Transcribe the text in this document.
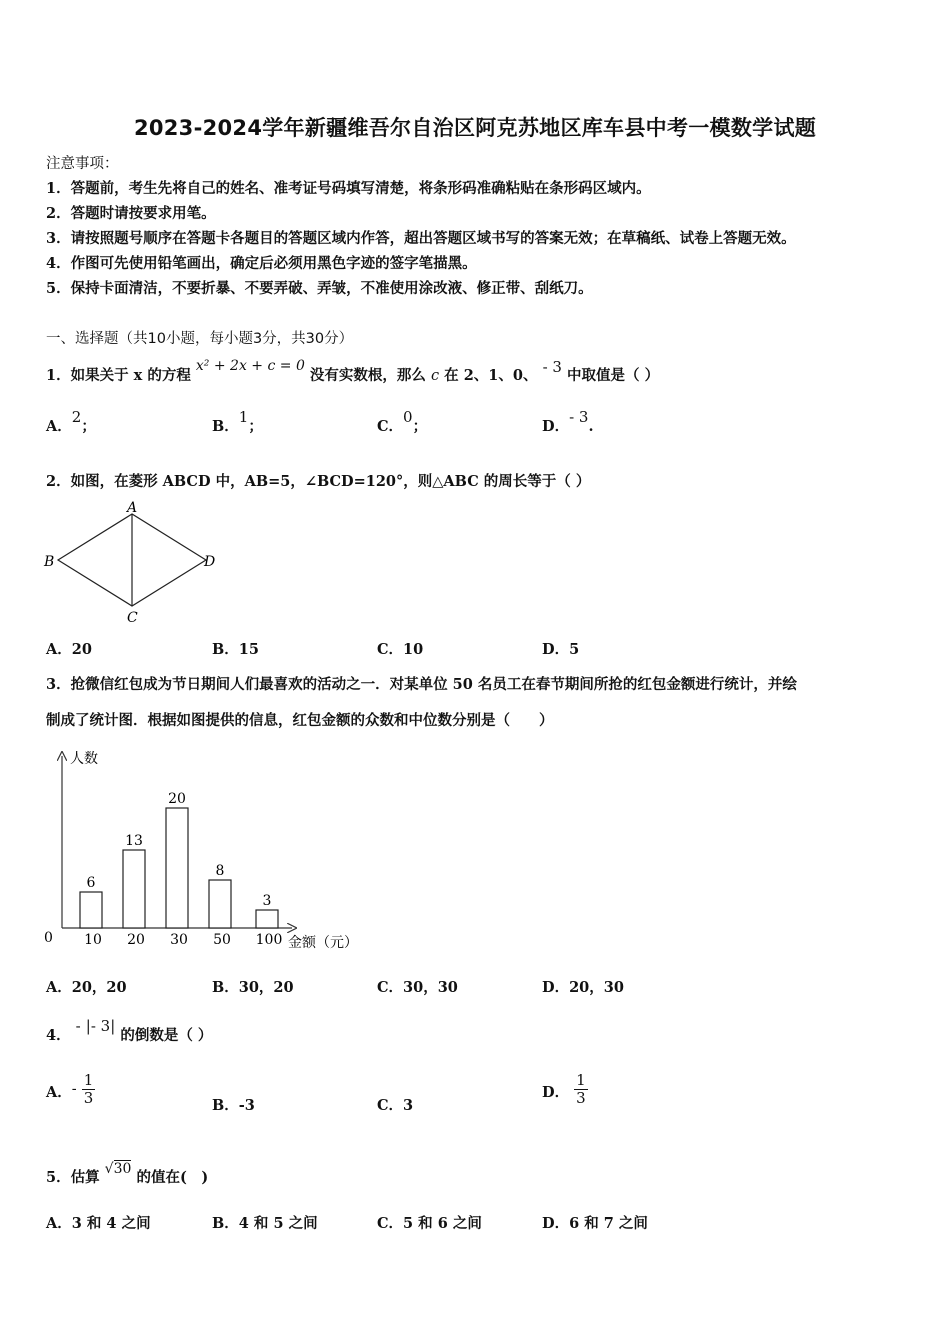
2023-2024学年新疆维吾尔自治区阿克苏地区库车县中考一模数学试题
注意事项：
1．答题前，考生先将自己的姓名、准考证号码填写清楚，将条形码准确粘贴在条形码区域内。
2．答题时请按要求用笔。
3．请按照题号顺序在答题卡各题目的答题区域内作答，超出答题区域书写的答案无效；在草稿纸、试卷上答题无效。
4．作图可先使用铅笔画出，确定后必须用黑色字迹的签字笔描黑。
5．保持卡面清洁，不要折暴、不要弄破、弄皱，不准使用涂改液、修正带、刮纸刀。
一、选择题（共10小题，每小题3分，共30分）
1．如果关于 x 的方程 x² + 2x + c = 0 没有实数根，那么 c 在 2、1、0、 - 3 中取值是（ ）
A．2；	B．1；	C．0；	D．- 3.
2．如图，在菱形 ABCD 中，AB=5，∠BCD=120°，则△ABC 的周长等于（ ）
A
B
C
D
A．20	B．15	C．10	D．5
3．抢微信红包成为节日期间人们最喜欢的活动之一．对某单位 50 名员工在春节期间所抢的红包金额进行统计，并绘
制成了统计图．根据如图提供的信息，红包金额的众数和中位数分别是（　　）
人数
金额（元）
0
6
10
13
20
20
30
8
50
3
100
A．20，20	B．30，20	C．30，30	D．20，30
4． - |- 3| 的倒数是（ ）
A．- $\frac{1}{3}$	B．-3	C．3
D． $\frac{1}{3}$
5．估算 √30 的值在(　)
A．3 和 4 之间	B．4 和 5 之间	C．5 和 6 之间	D．6 和 7 之间
